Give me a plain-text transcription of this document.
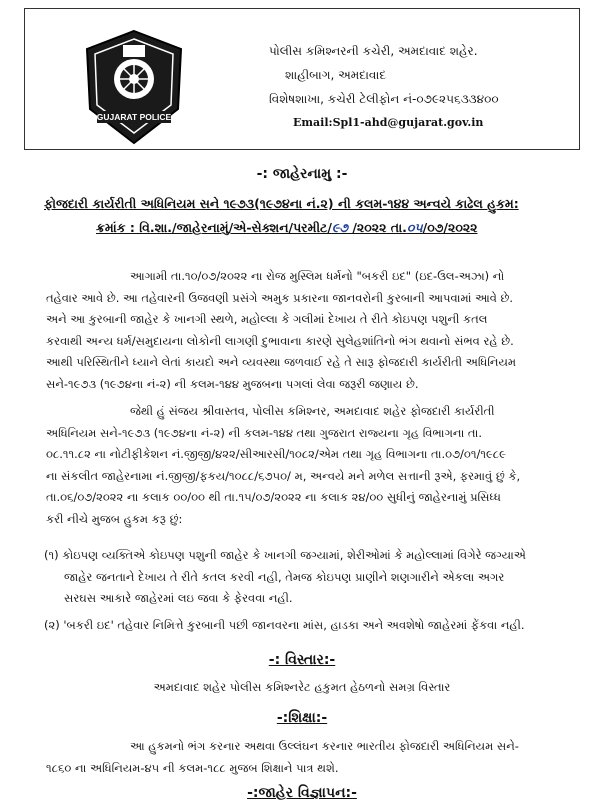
GUJARAT POLICE
પોલીસ કમિશ્નરની કચેરી, અમદાવાદ શહેર.
શાહીબાગ, અમદાવાદ
વિશેષશાખા, કચેરી ટેલીફોન નં-૦૭૯૨૫૬૩૩૪૦૦
Email:Spl1-ahd@gujarat.gov.in
-: જાહેરનામુ :-
ફોજદારી કાર્યરીતી અધિનિયમ સને ૧૯૭૩(૧૯૭૪ના નં.૨) ની કલમ-૧૪૪ અન્વયે કાઢેલ હુકમ:
ક્રમાંક : વિ.શા./જાહેરનામું/એ-સેક્શન/પરમીટ/૯૭ /૨૦૨૨ તા.૦૫/૦૭/૨૦૨૨
આગામી તા.૧૦/૦૭/૨૦૨૨ ના રોજ મુસ્લિમ ધર્મનો "બકરી ઇદ" (ઇદ-ઉલ-અઝા) નો
તહેવાર આવે છે. આ તહેવારની ઉજવણી પ્રસંગે અમુક પ્રકારના જાનવરોની કુરબાની આપવામાં આવે છે.
અને આ કુરબાની જાહેર કે ખાનગી સ્થળે, મહોલ્લા કે ગલીમાં દેખાય તે રીતે કોઇપણ પશુની કતલ
કરવાથી અન્ય ધર્મ/સમુદાયના લોકોની લાગણી દુભાવાના કારણે સુલેહશાંતિનો ભંગ થવાનો સંભવ રહે છે.
આથી પરિસ્થિતીને ધ્યાને લેતાં કાયદો અને વ્યવસ્થા જળવાઈ રહે તે સારૂ ફોજદારી કાર્યરીતી અધિનિયમ
સને-૧૯૭૩ (૧૯૭૪ના નં-૨) ની કલમ-૧૪૪ મુજબના પગલાં લેવા જરૂરી જણાય છે.
જેથી હું સંજય શ્રીવાસ્તવ, પોલીસ કમિશ્નર, અમદાવાદ શહેર ફોજદારી કાર્યરીતી
અધિનિયમ સને-૧૯૭૩ (૧૯૭૪ના નં-૨) ની કલમ-૧૪૪ તથા ગુજરાત રાજ્યના ગૃહ વિભાગના તા.
૦૮.૧૧.૮૨ ના નોટીફીકેશન નં.જીજી/૪૨૨/સીઆરસી/૧૦૮૨/એમ તથા ગૃહ વિભાગના તા.૦૭/૦૧/૧૯૮૯
ના સંકલીત જાહેરનામા નં.જીજી/ફકય/૧૦૮૮/૬૭૫૦/ મ, અન્વયે મને મળેલ સત્તાની રૂએ, ફરમાવું છું કે,
તા.૦૬/૦૭/૨૦૨૨ ના કલાક ૦૦/૦૦ થી તા.૧૫/૦૭/૨૦૨૨ ના કલાક ૨૪/૦૦ સુધીનું જાહેરનામું પ્રસિધ્ધ
કરી નીચે મુજબ હુકમ કરૂ છું:
(૧) કોઇપણ વ્યક્તિએ કોઇપણ પશુની જાહેર કે ખાનગી જગ્યામાં, શેરીઓમાં કે મહોલ્લામાં વિગેરે જગ્યાએ
જાહેર જનતાને દેખાય તે રીતે કતલ કરવી નહી, તેમજ કોઇપણ પ્રાણીને શણગારીને એકલા અગર
સરઘસ આકારે જાહેરમાં લઇ જવા કે ફેરવવા નહી.
(૨) 'બકરી ઇદ' તહેવાર નિમિત્તે કુરબાની પછી જાનવરના માંસ, હાડકા અને અવશેષો જાહેરમાં ફેંકવા નહી.
-: વિસ્તાર:-
અમદાવાદ શહેર પોલીસ કમિશ્નરેટ હકુમત હેઠળનો સમગ્ર વિસ્તાર
-:શિક્ષા:-
આ હુકમનો ભંગ કરનાર અથવા ઉલ્લંઘન કરનાર ભારતીય ફોજદારી અધિનિયમ સને-
૧૮૬૦ ના અધિનિયમ-૪૫ ની કલમ-૧૮૮ મુજબ શિક્ષાને પાત્ર થશે.
-:જાહેર વિજ્ઞાપન:-
